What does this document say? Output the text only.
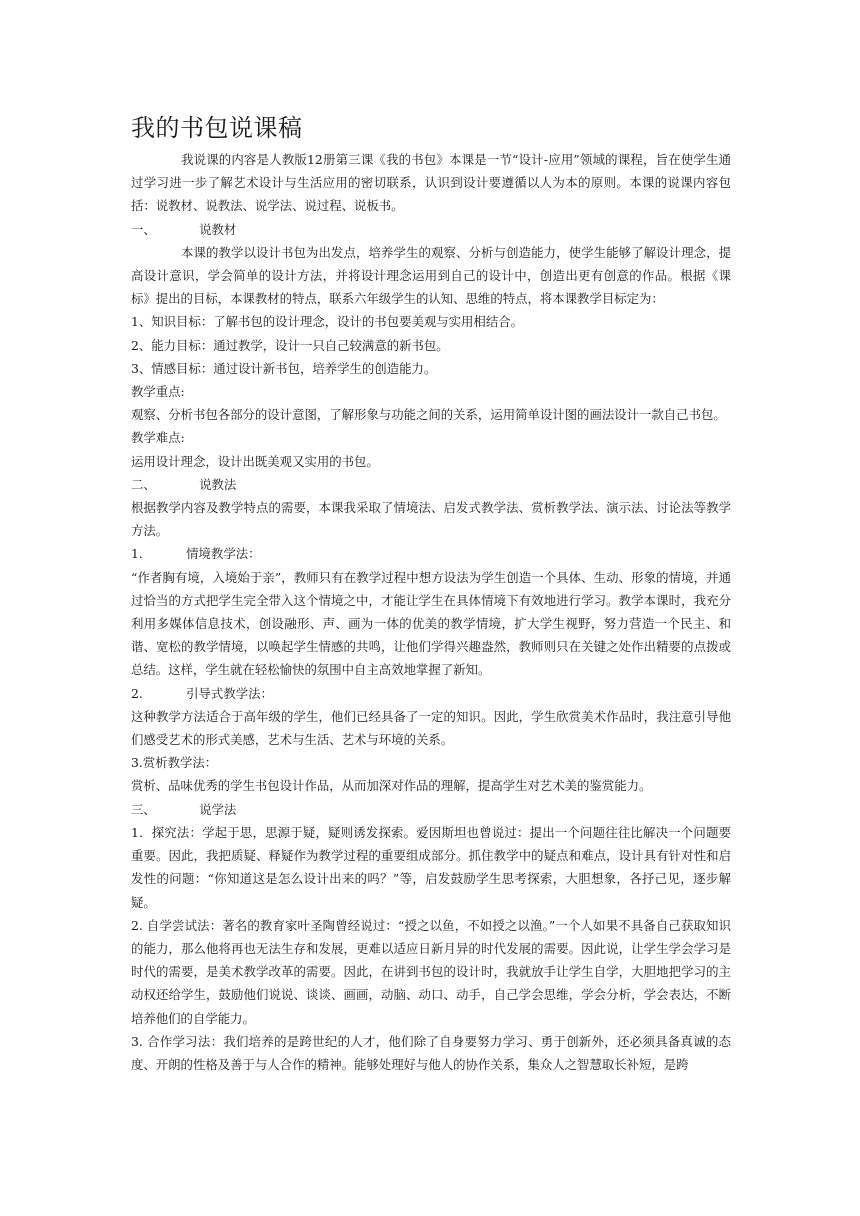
我的书包说课稿

我说课的内容是人教版12册第三课《我的书包》本课是一节“设计-应用”领域的课程，旨在使学生通过学习进一步了解艺术设计与生活应用的密切联系，认识到设计要遵循以人为本的原则。本课的说课内容包括：说教材、说教法、说学法、说过程、说板书。

一、           说教材

本课的教学以设计书包为出发点，培养学生的观察、分析与创造能力，使学生能够了解设计理念，提高设计意识，学会简单的设计方法，并将设计理念运用到自己的设计中，创造出更有创意的作品。根据《课标》提出的目标，本课教材的特点，联系六年级学生的认知、思维的特点，将本课教学目标定为：

1、知识目标：了解书包的设计理念，设计的书包要美观与实用相结合。

2、能力目标：通过教学，设计一只自己较满意的新书包。

3、情感目标：通过设计新书包，培养学生的创造能力。

教学重点:

观察、分析书包各部分的设计意图，了解形象与功能之间的关系，运用简单设计图的画法设计一款自己书包。

教学难点:

运用设计理念，设计出既美观又实用的书包。

二、           说教法

根据教学内容及教学特点的需要，本课我采取了情境法、启发式教学法、赏析教学法、演示法、讨论法等教学方法。

1.           情境教学法：

“作者胸有境，入境始于亲”，教师只有在教学过程中想方设法为学生创造一个具体、生动、形象的情境，并通过恰当的方式把学生完全带入这个情境之中，才能让学生在具体情境下有效地进行学习。教学本课时，我充分利用多媒体信息技术，创设融形、声、画为一体的优美的教学情境，扩大学生视野，努力营造一个民主、和谐、宽松的教学情境，以唤起学生情感的共鸣，让他们学得兴趣盎然，教师则只在关键之处作出精要的点拨或总结。这样，学生就在轻松愉快的氛围中自主高效地掌握了新知。

2.           引导式教学法：

这种教学方法适合于高年级的学生，他们已经具备了一定的知识。因此，学生欣赏美术作品时，我注意引导他们感受艺术的形式美感，艺术与生活、艺术与环境的关系。

3.赏析教学法：

赏析、品味优秀的学生书包设计作品，从而加深对作品的理解，提高学生对艺术美的鉴赏能力。

三、           说学法

1．探究法：学起于思，思源于疑，疑则诱发探索。爱因斯坦也曾说过：提出一个问题往往比解决一个问题要重要。因此，我把质疑、释疑作为教学过程的重要组成部分。抓住教学中的疑点和难点，设计具有针对性和启发性的问题：“你知道这是怎么设计出来的吗？”等，启发鼓励学生思考探索，大胆想象，各抒己见，逐步解疑。

2. 自学尝试法：著名的教育家叶圣陶曾经说过：“授之以鱼，不如授之以渔。”一个人如果不具备自己获取知识的能力，那么他将再也无法生存和发展，更难以适应日新月异的时代发展的需要。因此说，让学生学会学习是时代的需要，是美术教学改革的需要。因此，在讲到书包的设计时，我就放手让学生自学，大胆地把学习的主动权还给学生，鼓励他们说说、谈谈、画画，动脑、动口、动手，自己学会思维，学会分析，学会表达，不断培养他们的自学能力。

3. 合作学习法：我们培养的是跨世纪的人才，他们除了自身要努力学习、勇于创新外，还必须具备真诚的态度、开朗的性格及善于与人合作的精神。能够处理好与他人的协作关系，集众人之智慧取长补短，是跨
